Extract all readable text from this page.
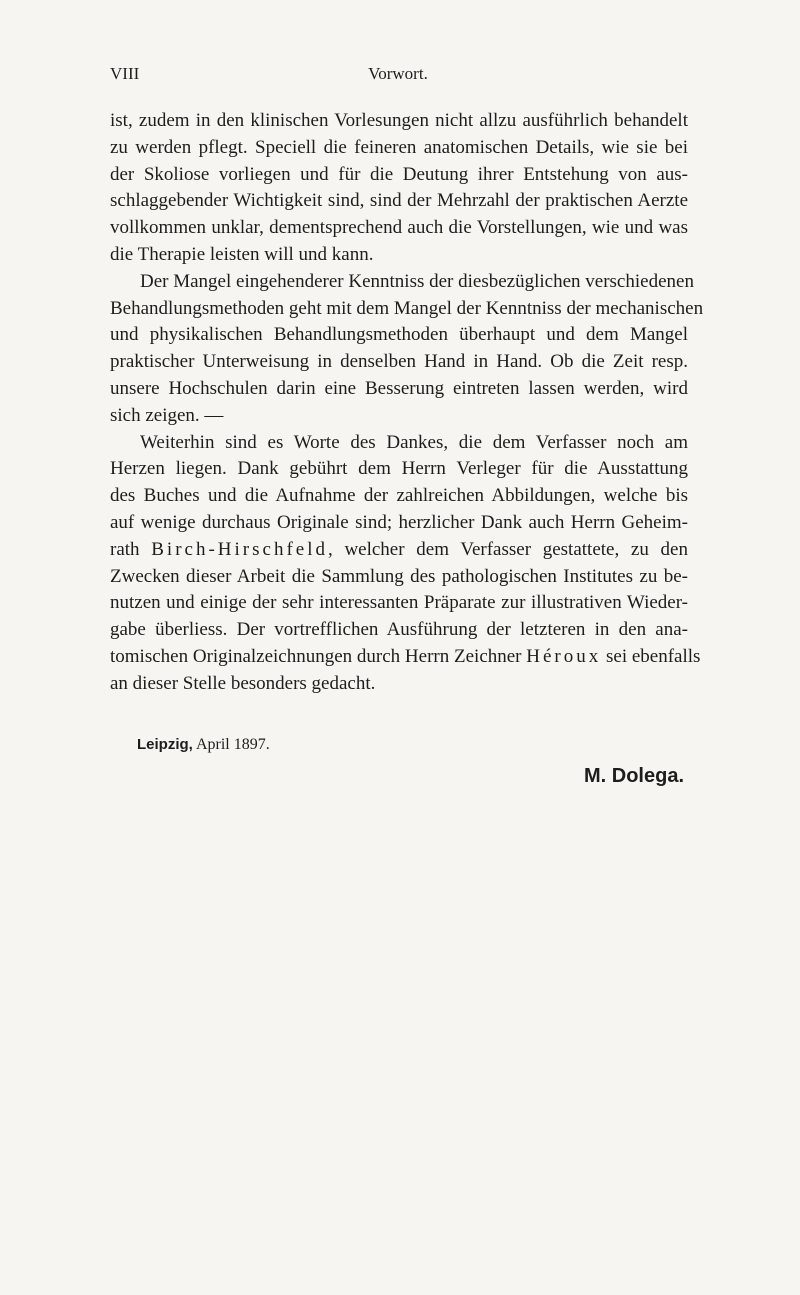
VIII	Vorwort.
ist, zudem in den klinischen Vorlesungen nicht allzu ausführlich behandelt
zu werden pflegt. Speciell die feineren anatomischen Details, wie sie bei
der Skoliose vorliegen und für die Deutung ihrer Entstehung von aus-
schlaggebender Wichtigkeit sind, sind der Mehrzahl der praktischen Aerzte
vollkommen unklar, dementsprechend auch die Vorstellungen, wie und was
die Therapie leisten will und kann.
Der Mangel eingehenderer Kenntniss der diesbezüglichen verschiedenen
Behandlungsmethoden geht mit dem Mangel der Kenntniss der mechanischen
und physikalischen Behandlungsmethoden überhaupt und dem Mangel
praktischer Unterweisung in denselben Hand in Hand. Ob die Zeit resp.
unsere Hochschulen darin eine Besserung eintreten lassen werden, wird
sich zeigen. —
Weiterhin sind es Worte des Dankes, die dem Verfasser noch am
Herzen liegen. Dank gebührt dem Herrn Verleger für die Ausstattung
des Buches und die Aufnahme der zahlreichen Abbildungen, welche bis
auf wenige durchaus Originale sind; herzlicher Dank auch Herrn Geheim-
rath Birch-Hirschfeld, welcher dem Verfasser gestattete, zu den
Zwecken dieser Arbeit die Sammlung des pathologischen Institutes zu be-
nutzen und einige der sehr interessanten Präparate zur illustrativen Wieder-
gabe überliess. Der vortrefflichen Ausführung der letzteren in den ana-
tomischen Originalzeichnungen durch Herrn Zeichner Héroux sei ebenfalls
an dieser Stelle besonders gedacht.
Leipzig, April 1897.
M. Dolega.
